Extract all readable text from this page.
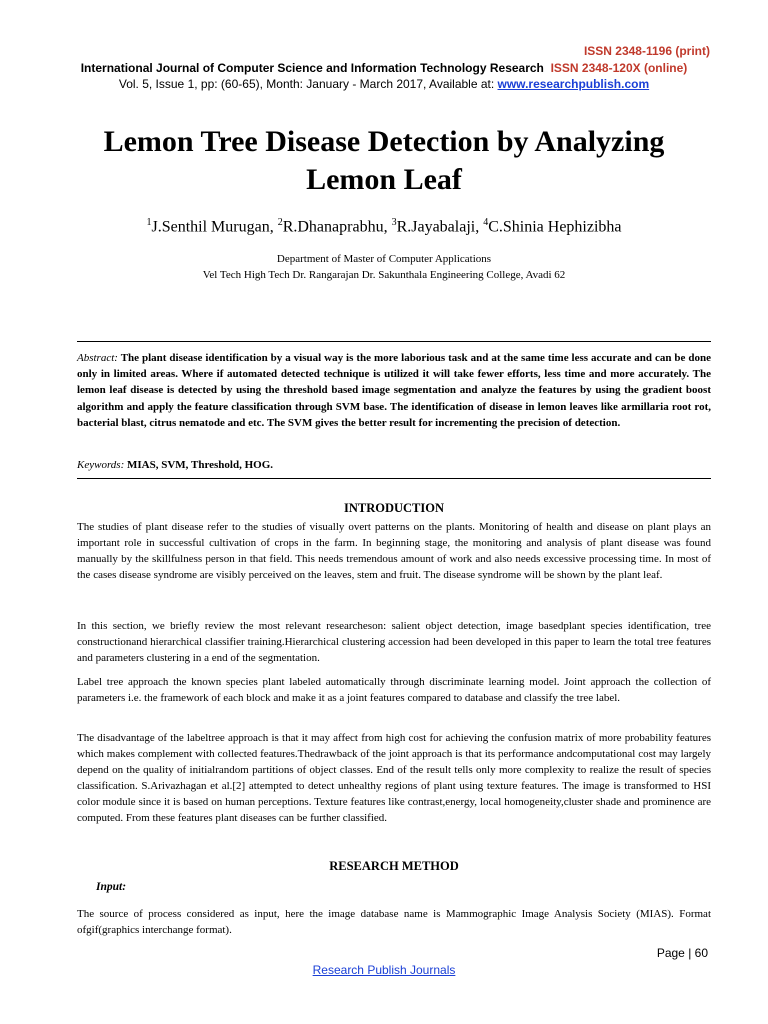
ISSN 2348-1196 (print)
International Journal of Computer Science and Information Technology Research ISSN 2348-120X (online)
Vol. 5, Issue 1, pp: (60-65), Month: January - March 2017, Available at: www.researchpublish.com
Lemon Tree Disease Detection by Analyzing Lemon Leaf
$^1$J.Senthil Murugan, $^2$R.Dhanaprabhu, $^3$R.Jayabalaji, $^4$C.Shinia Hephizibha
Department of Master of Computer Applications
Vel Tech High Tech Dr. Rangarajan Dr. Sakunthala Engineering College, Avadi 62
Abstract: The plant disease identification by a visual way is the more laborious task and at the same time less accurate and can be done only in limited areas. Where if automated detected technique is utilized it will take fewer efforts, less time and more accurately. The lemon leaf disease is detected by using the threshold based image segmentation and analyze the features by using the gradient boost algorithm and apply the feature classification through SVM base. The identification of disease in lemon leaves like armillaria root rot, bacterial blast, citrus nematode and etc. The SVM gives the better result for incrementing the precision of detection.
Keywords: MIAS, SVM, Threshold, HOG.
INTRODUCTION

The studies of plant disease refer to the studies of visually overt patterns on the plants. Monitoring of health and disease on plant plays an important role in successful cultivation of crops in the farm. In beginning stage, the monitoring and analysis of plant disease was found manually by the skillfulness person in that field. This needs tremendous amount of work and also needs excessive processing time. In most of the cases disease syndrome are visibly perceived on the leaves, stem and fruit. The disease syndrome will be shown by the plant leaf.

In this section, we briefly review the most relevant researcheson: salient object detection, image basedplant species identification, tree constructionand hierarchical classifier training.Hierarchical clustering accession had been developed in this paper to learn the total tree features and parameters clustering in a end of the segmentation.

Label tree approach the known species plant labeled automatically through discriminate learning model. Joint approach the collection of parameters i.e. the framework of each block and make it as a joint features compared to database and classify the tree label.

The disadvantage of the labeltree approach is that it may affect from high cost for achieving the confusion matrix of more probability features which makes complement with collected features.Thedrawback of the joint approach is that its performance andcomputational cost may largely depend on the quality of initialrandom partitions of object classes. End of the result tells only more complexity to realize the result of species classification. S.Arivazhagan et al.[2] attempted to detect unhealthy regions of plant using texture features. The image is transformed to HSI color module since it is based on human perceptions. Texture features like contrast,energy, local homogeneity,cluster shade and prominence are computed. From these features plant diseases can be further classified.

RESEARCH METHOD
Input:

The source of process considered as input, here the image database name is Mammographic Image Analysis Society (MIAS). Format ofgif(graphics interchange format).

Page | 60
Research Publish Journals
